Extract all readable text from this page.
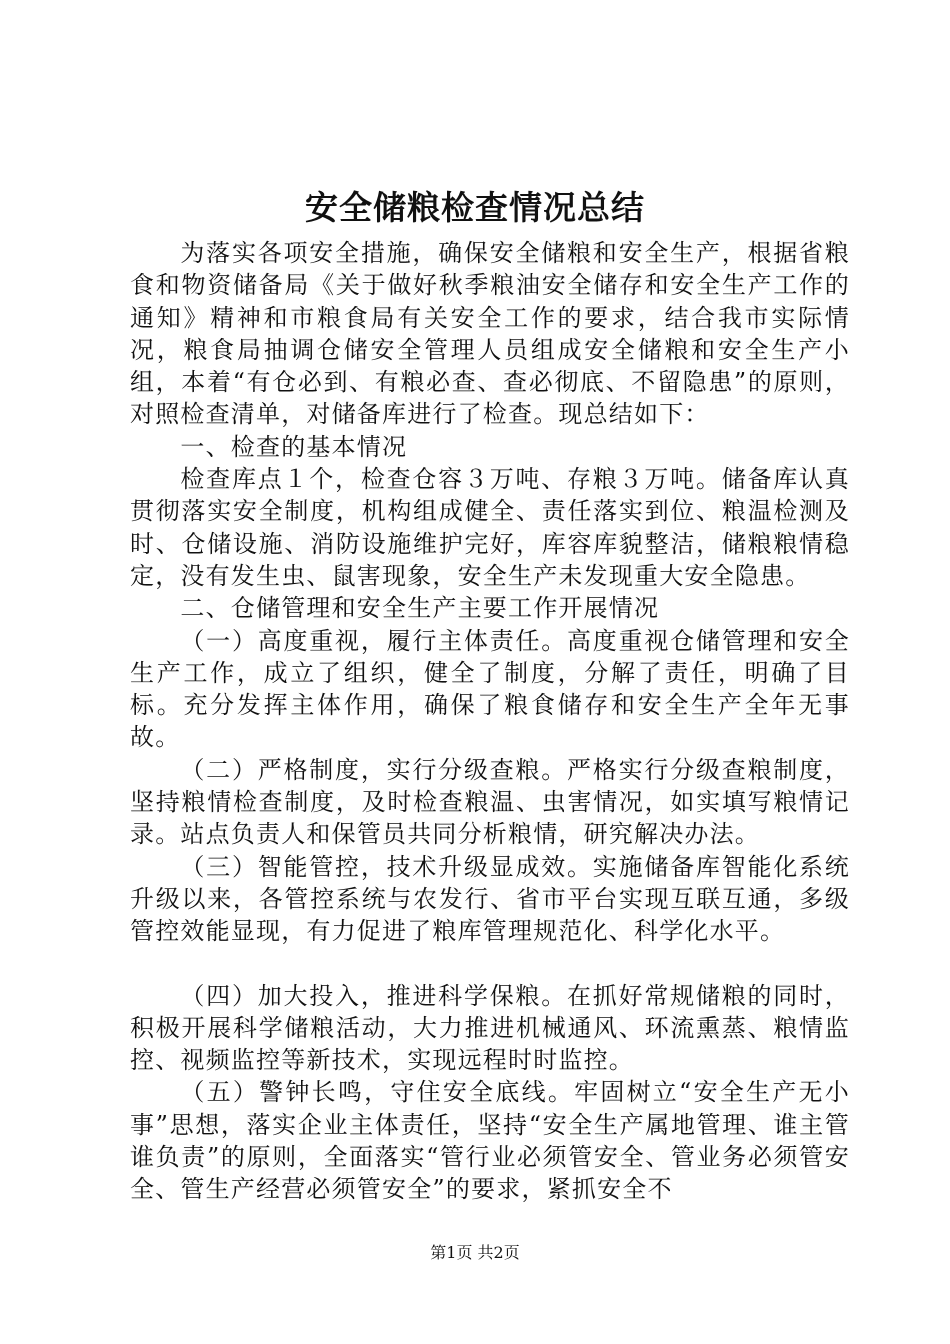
安全储粮检查情况总结

为落实各项安全措施，确保安全储粮和安全生产，根据省粮食和物资储备局《关于做好秋季粮油安全储存和安全生产工作的通知》精神和市粮食局有关安全工作的要求，结合我市实际情况，粮食局抽调仓储安全管理人员组成安全储粮和安全生产小组，本着“有仓必到、有粮必查、查必彻底、不留隐患”的原则，对照检查清单，对储备库进行了检查。现总结如下：

一、检查的基本情况

检查库点１个，检查仓容３万吨、存粮３万吨。储备库认真贯彻落实安全制度，机构组成健全、责任落实到位、粮温检测及时、仓储设施、消防设施维护完好，库容库貌整洁，储粮粮情稳定，没有发生虫、鼠害现象，安全生产未发现重大安全隐患。

二、仓储管理和安全生产主要工作开展情况

（一）高度重视，履行主体责任。高度重视仓储管理和安全生产工作，成立了组织，健全了制度，分解了责任，明确了目标。充分发挥主体作用，确保了粮食储存和安全生产全年无事故。

（二）严格制度，实行分级查粮。严格实行分级查粮制度，坚持粮情检查制度，及时检查粮温、虫害情况，如实填写粮情记录。站点负责人和保管员共同分析粮情，研究解决办法。

（三）智能管控，技术升级显成效。实施储备库智能化系统升级以来，各管控系统与农发行、省市平台实现互联互通，多级管控效能显现，有力促进了粮库管理规范化、科学化水平。

（四）加大投入，推进科学保粮。在抓好常规储粮的同时，积极开展科学储粮活动，大力推进机械通风、环流熏蒸、粮情监控、视频监控等新技术，实现远程时时监控。

（五）警钟长鸣，守住安全底线。牢固树立“安全生产无小事”思想，落实企业主体责任，坚持“安全生产属地管理、谁主管谁负责”的原则，全面落实“管行业必须管安全、管业务必须管安全、管生产经营必须管安全”的要求，紧抓安全不

第1页 共2页
